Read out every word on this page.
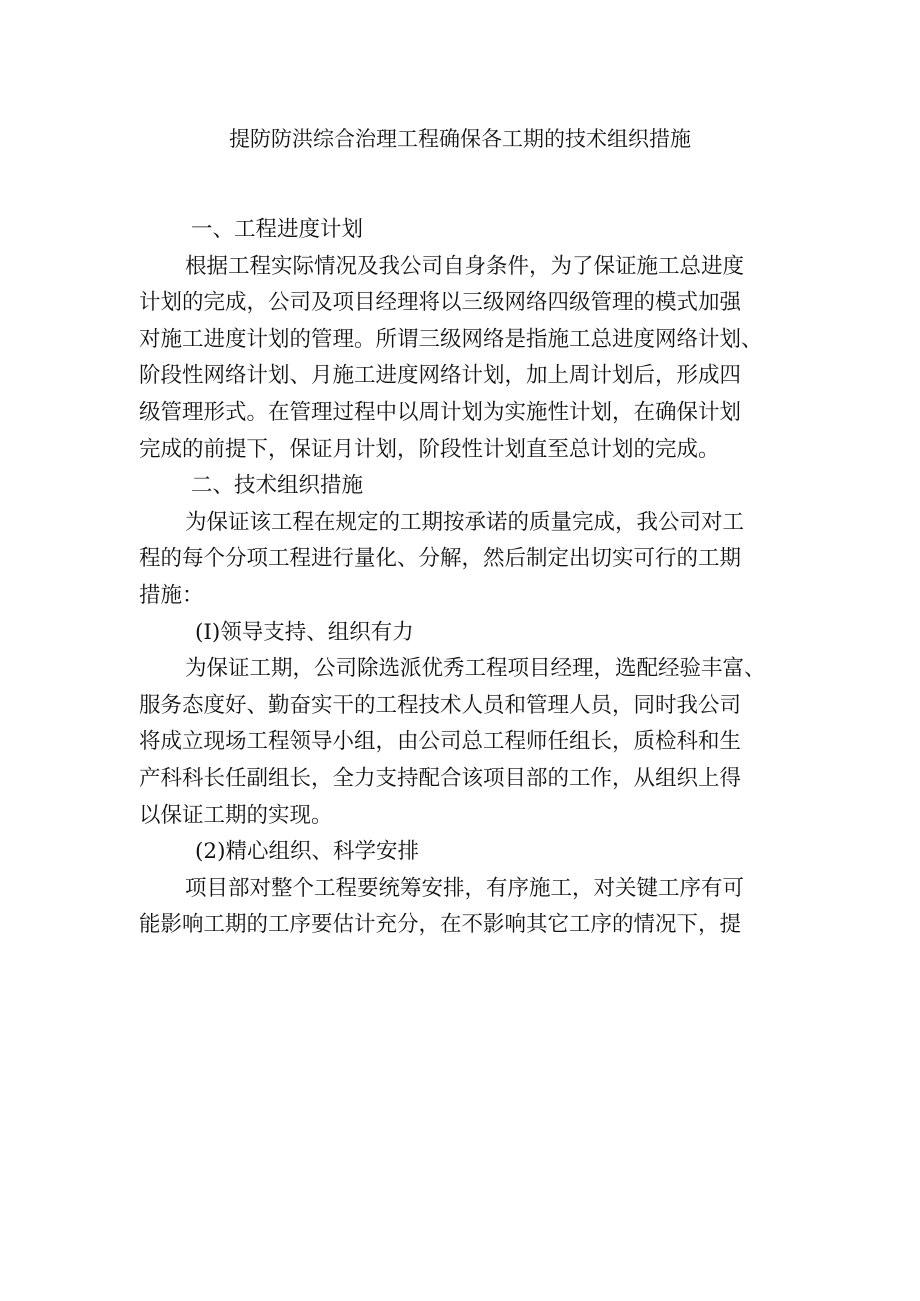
提防防洪综合治理工程确保各工期的技术组织措施

一、工程进度计划

根据工程实际情况及我公司自身条件，为了保证施工总进度

计划的完成，公司及项目经理将以三级网络四级管理的模式加强

对施工进度计划的管理。所谓三级网络是指施工总进度网络计划、

阶段性网络计划、月施工进度网络计划，加上周计划后，形成四

级管理形式。在管理过程中以周计划为实施性计划，在确保计划

完成的前提下，保证月计划，阶段性计划直至总计划的完成。

二、技术组织措施

为保证该工程在规定的工期按承诺的质量完成，我公司对工

程的每个分项工程进行量化、分解，然后制定出切实可行的工期

措施：

(I)领导支持、组织有力

为保证工期，公司除选派优秀工程项目经理，选配经验丰富、

服务态度好、勤奋实干的工程技术人员和管理人员，同时我公司

将成立现场工程领导小组，由公司总工程师任组长，质检科和生

产科科长任副组长，全力支持配合该项目部的工作，从组织上得

以保证工期的实现。

(2)精心组织、科学安排

项目部对整个工程要统筹安排，有序施工，对关键工序有可

能影响工期的工序要估计充分，在不影响其它工序的情况下，提
